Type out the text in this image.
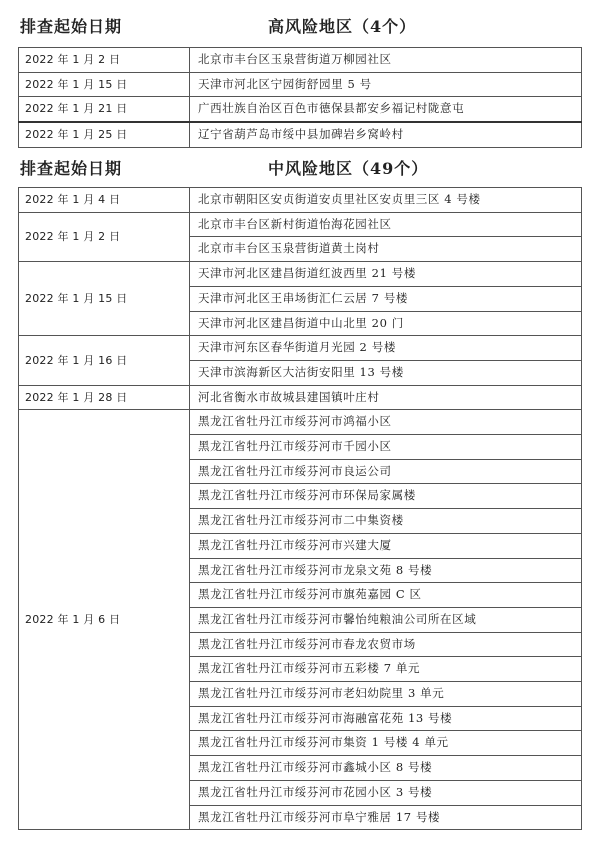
排查起始日期	高风险地区（4个）
2022 年 1 月 2 日	北京市丰台区玉泉营街道万柳园社区
2022 年 1 月 15 日	天津市河北区宁园街舒园里 5 号
2022 年 1 月 21 日	广西壮族自治区百色市德保县都安乡福记村陇意屯
2022 年 1 月 25 日	辽宁省葫芦岛市绥中县加碑岩乡窝岭村
排查起始日期	中风险地区（49个）
2022 年 1 月 4 日	北京市朝阳区安贞街道安贞里社区安贞里三区 4 号楼
2022 年 1 月 2 日	北京市丰台区新村街道怡海花园社区
	北京市丰台区玉泉营街道黄土岗村
2022 年 1 月 15 日	天津市河北区建昌街道红波西里 21 号楼
	天津市河北区王串场街汇仁云居 7 号楼
	天津市河北区建昌街道中山北里 20 门
2022 年 1 月 16 日	天津市河东区春华街道月光园 2 号楼
	天津市滨海新区大沽街安阳里 13 号楼
2022 年 1 月 28 日	河北省衡水市故城县建国镇叶庄村
2022 年 1 月 6 日	黑龙江省牡丹江市绥芬河市鸿福小区
	黑龙江省牡丹江市绥芬河市千园小区
	黑龙江省牡丹江市绥芬河市良运公司
	黑龙江省牡丹江市绥芬河市环保局家属楼
	黑龙江省牡丹江市绥芬河市二中集资楼
	黑龙江省牡丹江市绥芬河市兴建大厦
	黑龙江省牡丹江市绥芬河市龙泉文苑 8 号楼
	黑龙江省牡丹江市绥芬河市旗苑嘉园 C 区
	黑龙江省牡丹江市绥芬河市馨怡纯粮油公司所在区域
	黑龙江省牡丹江市绥芬河市春龙农贸市场
	黑龙江省牡丹江市绥芬河市五彩楼 7 单元
	黑龙江省牡丹江市绥芬河市老妇幼院里 3 单元
	黑龙江省牡丹江市绥芬河市海融富花苑 13 号楼
	黑龙江省牡丹江市绥芬河市集资 1 号楼 4 单元
	黑龙江省牡丹江市绥芬河市鑫城小区 8 号楼
	黑龙江省牡丹江市绥芬河市花园小区 3 号楼
	黑龙江省牡丹江市绥芬河市阜宁雅居 17 号楼
